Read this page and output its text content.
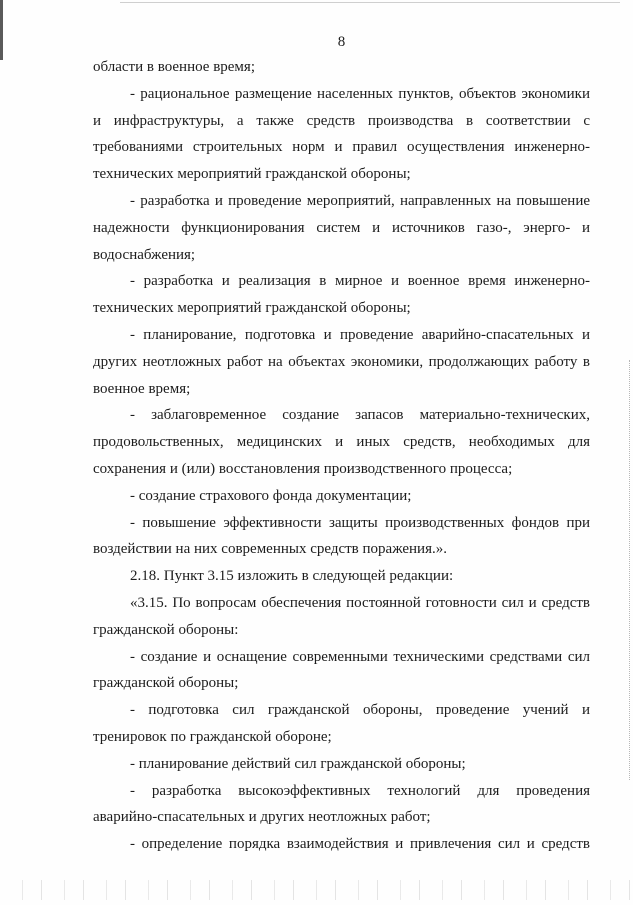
8
области в военное время;
- рациональное размещение населенных пунктов, объектов экономики
и инфраструктуры, а также средств производства в соответствии с
требованиями строительных норм и правил осуществления инженерно-
технических мероприятий гражданской обороны;
- разработка и проведение мероприятий, направленных на повышение
надежности функционирования систем и источников газо-, энерго- и
водоснабжения;
- разработка и реализация в мирное и военное время инженерно-
технических мероприятий гражданской обороны;
- планирование, подготовка и проведение аварийно-спасательных и
других неотложных работ на объектах экономики, продолжающих работу в
военное время;
- заблаговременное создание запасов материально-технических,
продовольственных, медицинских и иных средств, необходимых для
сохранения и (или) восстановления производственного процесса;
- создание страхового фонда документации;
- повышение эффективности защиты производственных фондов при
воздействии на них современных средств поражения.».
2.18. Пункт 3.15 изложить в следующей редакции:
«3.15. По вопросам обеспечения постоянной готовности сил и средств
гражданской обороны:
- создание и оснащение современными техническими средствами сил
гражданской обороны;
- подготовка сил гражданской обороны, проведение учений и
тренировок по гражданской обороне;
- планирование действий сил гражданской обороны;
- разработка высокоэффективных технологий для проведения
аварийно-спасательных и других неотложных работ;
- определение порядка взаимодействия и привлечения сил и средств
